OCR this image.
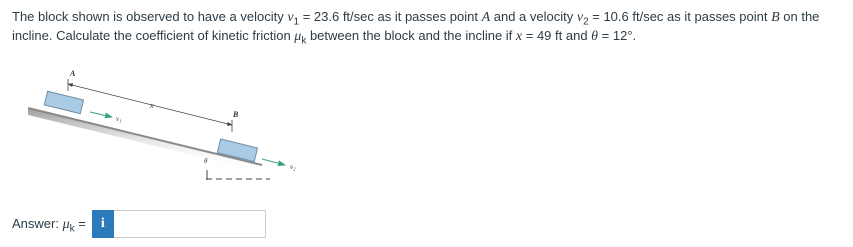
The block shown is observed to have a velocity $v_1 = 23.6$ ft/sec as it passes point A and a velocity $v_2 = 10.6$ ft/sec as it passes point B on the incline. Calculate the coefficient of kinetic friction $\mu_k$ between the block and the incline if x = 49 ft and θ = 12°.
A
B
x
v₁
v₂
θ
Answer: $\mu_k$ =	i
